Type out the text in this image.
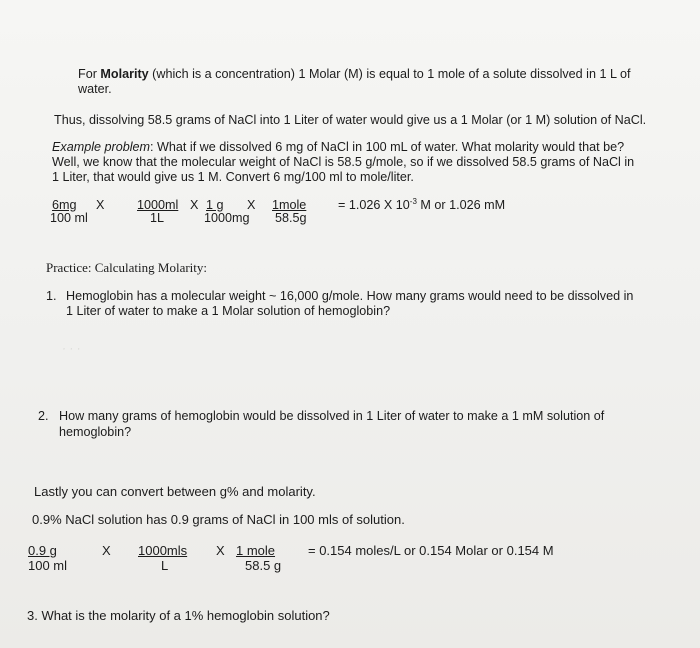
· · ·
For Molarity (which is a concentration) 1 Molar (M) is equal to 1 mole of a solute dissolved in 1 L of
water.
Thus, dissolving 58.5 grams of NaCl into 1 Liter of water would give us a 1 Molar (or 1 M) solution of NaCl.
Example problem: What if we dissolved 6 mg of NaCl in 100 mL of water. What molarity would that be?
Well, we know that the molecular weight of NaCl is 58.5 g/mole, so if we dissolved 58.5 grams of NaCl in
1 Liter, that would give us 1 M. Convert 6 mg/100 ml to mole/liter.
6mg X
100 ml
1000ml X 1 g X 1mole
1L	1000mg 58.5g
= 1.026 X $10^{-3}$ M or 1.026 mM
Practice: Calculating Molarity:
1. Hemoglobin has a molecular weight ~ 16,000 g/mole. How many grams would need to be dissolved in
1 Liter of water to make a 1 Molar solution of hemoglobin?
2. How many grams of hemoglobin would be dissolved in 1 Liter of water to make a 1 mM solution of
hemoglobin?
Lastly you can convert between g% and molarity.
0.9% NaCl solution has 0.9 grams of NaCl in 100 mls of solution.
0.9 g	X
100 ml
1000mls X 1 mole
L	58.5 g
= 0.154 moles/L or 0.154 Molar or 0.154 M
3. What is the molarity of a 1% hemoglobin solution?
